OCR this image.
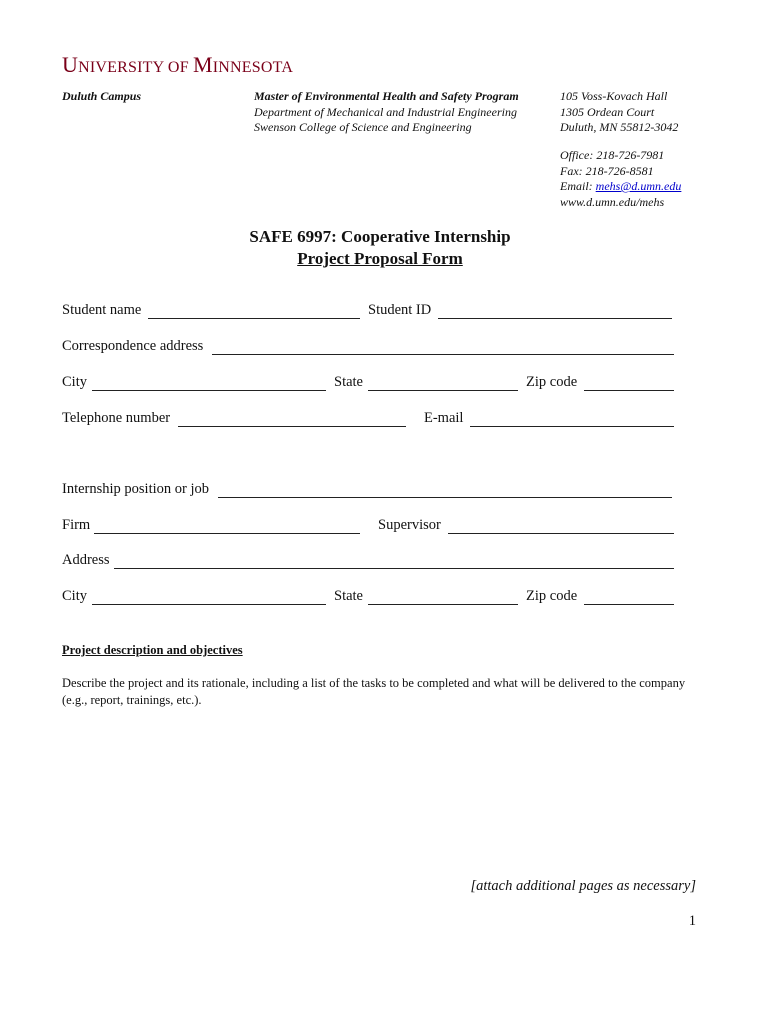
UNIVERSITY OF MINNESOTA
Duluth Campus	Master of Environmental Health and Safety Program
Department of Mechanical and Industrial Engineering
Swenson College of Science and Engineering
105 Voss-Kovach Hall
1305 Ordean Court
Duluth, MN 55812-3042
Office: 218-726-7981
Fax: 218-726-8581
Email: mehs@d.umn.edu
www.d.umn.edu/mehs
SAFE 6997: Cooperative Internship
Project Proposal Form
Student name	Student ID
Correspondence address
City	State	Zip code
Telephone number	E-mail
Internship position or job
Firm	Supervisor
Address
City	State	Zip code
Project description and objectives
Describe the project and its rationale, including a list of the tasks to be completed and what will be delivered to the company (e.g., report, trainings, etc.).
[attach additional pages as necessary]
1
